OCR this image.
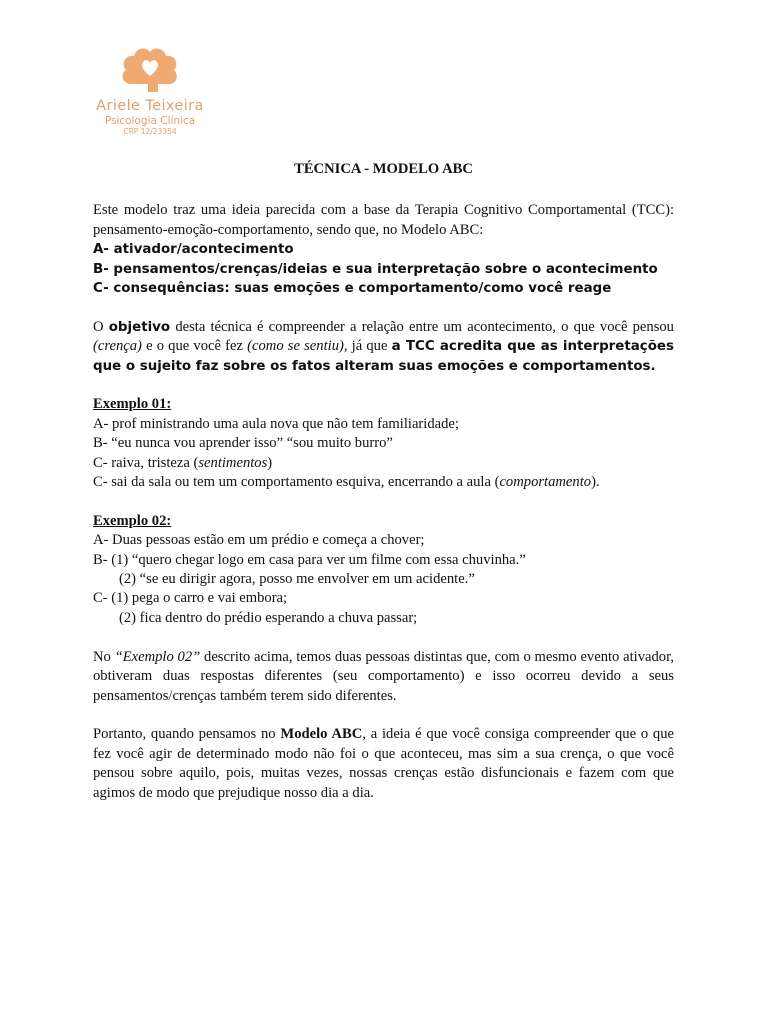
Ariele Teixeira
Psicologia Clínica
CRP 12/23354

TÉCNICA - MODELO ABC

Este modelo traz uma ideia parecida com a base da Terapia Cognitivo Comportamental (TCC): pensamento-emoção-comportamento, sendo que, no Modelo ABC:

A- ativador/acontecimento

B- pensamentos/crenças/ideias e sua interpretação sobre o acontecimento

C- consequências: suas emoções e comportamento/como você reage

O objetivo desta técnica é compreender a relação entre um acontecimento, o que você pensou (crença) e o que você fez (como se sentiu), já que a TCC acredita que as interpretações que o sujeito faz sobre os fatos alteram suas emoções e comportamentos.

Exemplo 01:

A- prof ministrando uma aula nova que não tem familiaridade;

B- “eu nunca vou aprender isso” “sou muito burro”

C- raiva, tristeza (sentimentos)

C- sai da sala ou tem um comportamento esquiva, encerrando a aula (comportamento).

Exemplo 02:

A- Duas pessoas estão em um prédio e começa a chover;

B- (1) “quero chegar logo em casa para ver um filme com essa chuvinha.”

(2) “se eu dirigir agora, posso me envolver em um acidente.”

C- (1) pega o carro e vai embora;

(2) fica dentro do prédio esperando a chuva passar;

No “Exemplo 02” descrito acima, temos duas pessoas distintas que, com o mesmo evento ativador, obtiveram duas respostas diferentes (seu comportamento) e isso ocorreu devido a seus pensamentos/crenças também terem sido diferentes.

Portanto, quando pensamos no Modelo ABC, a ideia é que você consiga compreender que o que fez você agir de determinado modo não foi o que aconteceu, mas sim a sua crença, o que você pensou sobre aquilo, pois, muitas vezes, nossas crenças estão disfuncionais e fazem com que agimos de modo que prejudique nosso dia a dia.
